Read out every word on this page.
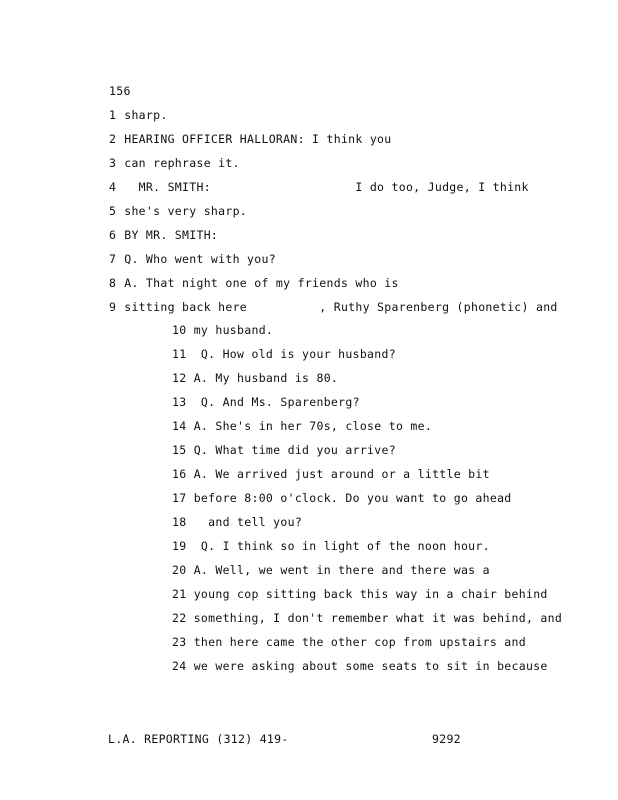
156
1 sharp.
2 HEARING OFFICER HALLORAN: I think you
3 can rephrase it.
4   MR. SMITH:                    I do too, Judge, I think
5 she's very sharp.
6 BY MR. SMITH:
7 Q. Who went with you?
8 A. That night one of my friends who is
9 sitting back here          , Ruthy Sparenberg (phonetic) and
10 my husband.
11  Q. How old is your husband?
12 A. My husband is 80.
13  Q. And Ms. Sparenberg?
14 A. She's in her 70s, close to me.
15 Q. What time did you arrive?
16 A. We arrived just around or a little bit
17 before 8:00 o'clock. Do you want to go ahead
18   and tell you?
19  Q. I think so in light of the noon hour.
20 A. Well, we went in there and there was a
21 young cop sitting back this way in a chair behind
22 something, I don't remember what it was behind, and
23 then here came the other cop from upstairs and
24 we were asking about some seats to sit in because
L.A. REPORTING (312) 419-	9292
